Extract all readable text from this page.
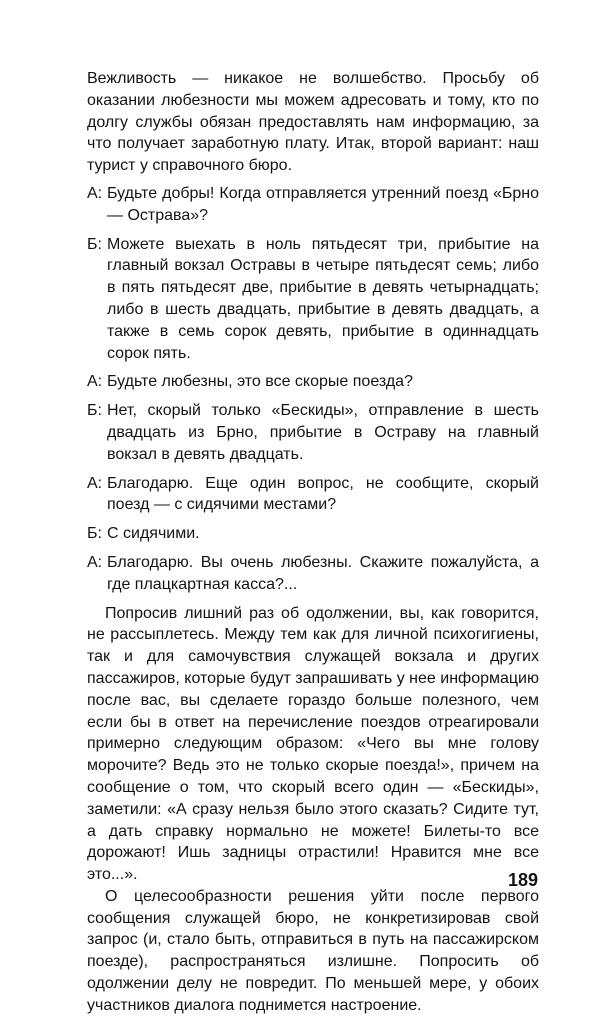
Вежливость — никакое не волшебство. Просьбу об оказании любезности мы можем адресовать и тому, кто по долгу службы обязан предоставлять нам информацию, за что получает заработную плату. Итак, второй вариант: наш турист у справочного бюро.

А: Будьте добры! Когда отправляется утренний поезд «Брно — Острава»?
Б: Можете выехать в ноль пятьдесят три, прибытие на главный вокзал Остравы в четыре пятьдесят семь; либо в пять пятьдесят две, прибытие в девять четырнадцать; либо в шесть двадцать, прибытие в девять двадцать, а также в семь сорок девять, прибытие в одиннадцать сорок пять.
А: Будьте любезны, это все скорые поезда?
Б: Нет, скорый только «Бескиды», отправление в шесть двадцать из Брно, прибытие в Остраву на главный вокзал в девять двадцать.
А: Благодарю. Еще один вопрос, не сообщите, скорый поезд — с сидячими местами?
Б: С сидячими.
А: Благодарю. Вы очень любезны. Скажите пожалуйста, а где плацкартная касса?...

Попросив лишний раз об одолжении, вы, как говорится, не рассыплетесь. Между тем как для личной психогигиены, так и для самочувствия служащей вокзала и других пассажиров, которые будут запрашивать у нее информацию после вас, вы сделаете гораздо больше полезного, чем если бы в ответ на перечисление поездов отреагировали примерно следующим образом: «Чего вы мне голову морочите? Ведь это не только скорые поезда!», причем на сообщение о том, что скорый всего один — «Бескиды», заметили: «А сразу нельзя было этого сказать? Сидите тут, а дать справку нормально не можете! Билеты-то все дорожают! Ишь задницы отрастили! Нравится мне все это...».

О целесообразности решения уйти после первого сообщения служащей бюро, не конкретизировав свой запрос (и, стало быть, отправиться в путь на пассажирском поезде), распространяться излишне. Попросить об одолжении делу не повредит. По меньшей мере, у обоих участников диалога поднимется настроение.

189
